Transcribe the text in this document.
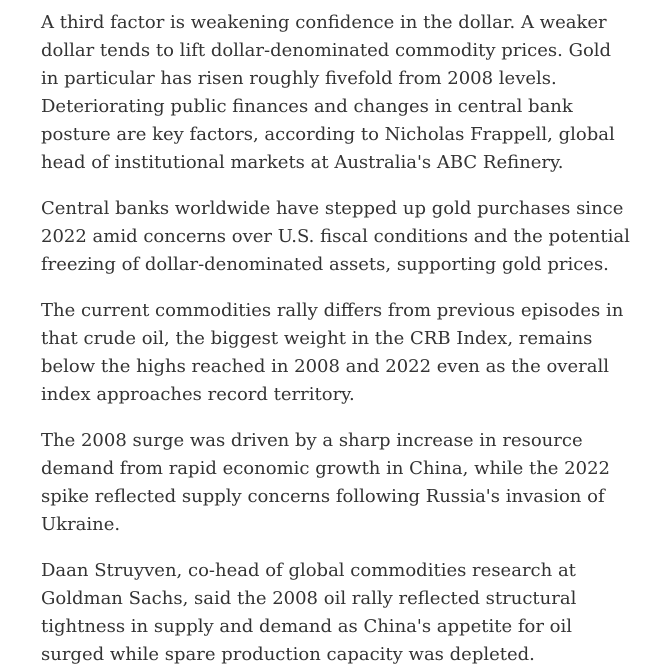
A third factor is weakening confidence in the dollar. A weaker dollar tends to lift dollar-denominated commodity prices. Gold in particular has risen roughly fivefold from 2008 levels. Deteriorating public finances and changes in central bank posture are key factors, according to Nicholas Frappell, global head of institutional markets at Australia's ABC Refinery.

Central banks worldwide have stepped up gold purchases since 2022 amid concerns over U.S. fiscal conditions and the potential freezing of dollar-denominated assets, supporting gold prices.

The current commodities rally differs from previous episodes in that crude oil, the biggest weight in the CRB Index, remains below the highs reached in 2008 and 2022 even as the overall index approaches record territory.

The 2008 surge was driven by a sharp increase in resource demand from rapid economic growth in China, while the 2022 spike reflected supply concerns following Russia's invasion of Ukraine.

Daan Struyven, co-head of global commodities research at Goldman Sachs, said the 2008 oil rally reflected structural tightness in supply and demand as China's appetite for oil surged while spare production capacity was depleted.
